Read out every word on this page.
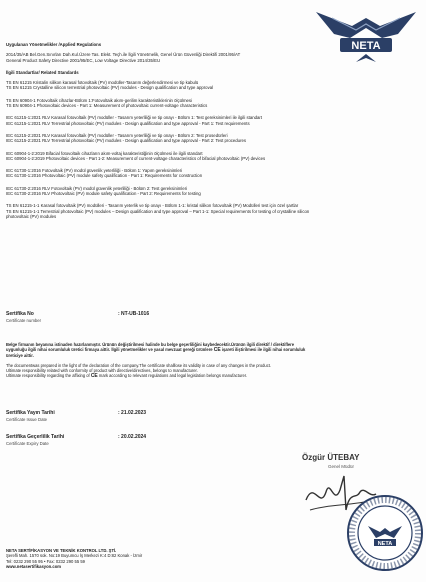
NETA

Uygulanan Yönetmelikler /Applied Regulations

2014/35/AB Bel.Gen.Sınırları Dah.Kul.Üzere Tas. Elekt. Teçh.ile İlgili Yönetmelik, Genel Ürün Güvenliği Direktifi 2001/95/AT

General Product Safety Directive 2001/95/EC, Low Voltage Directive 2014/35/EU

İlgili Standartlar/ Related Standards

TS EN 61215 Kristalin silikon karasal fotovoltaik (PV) modüller-Tasarım değerlendirmesi ve tip kabulü

TS EN 61215 Crystalline silicon terrestrial photovoltaic (PV) modules - Design qualification and type approval

TS EN 60904-1 Fotovoltaik cihazlar-Bölüm 1:Fotovoltaik akım-gerilim karakteristiklerinin ölçülmesi

TS EN 60904-1 Photovoltaic devices - Part 1: Measurement of photovoltaic current-voltage characteristics

IEC 61215-1:2021 RLV Karasal fotovoltaik (PV) modüller - Tasarım yeterliliği ve tip onayı - Bölüm 1: Test gereksinimleri ile ilgili standart

IEC 61215-1:2021 RLV Terrestrial photovoltaic (PV) modules - Design qualification and type approval - Part 1: Test requirements

IEC 61215-2:2021 RLV Karasal fotovoltaik (PV) modüller - Tasarım yeterliliği ve tip onayı - Bölüm 2: Test prosedürleri

IEC 61215-2:2021 RLV Terrestrial photovoltaic (PV) modules - Design qualification and type approval - Part 2: Test procedures

IEC 60904-1-2:2019 Bifacial fotovoltaik cihazların akım-voltaj karakteristiğinin ölçülmesi ile ilgili standart

IEC 60904-1-2:2019 Photovoltaic devices - Part 1-2: Measurement of current-voltage characteristics of bifacial photovoltaic (PV) devices

IEC 61730-1:2016 Fotovoltaik (PV) modül güvenlik yeterliliği - Bölüm 1: Yapım gereksinimleri

IEC 61730-1:2016 Photovoltaic (PV) module safety qualification - Part 1: Requirements for construction

IEC 61730-2:2016 RLV Fotovoltaik (PV) modül güvenlik yeterliliği - Bölüm 2: Test gereksinimleri

IEC 61730-2:2016 RLV Photovoltaic (PV) module safety qualification - Part 2: Requirements for testing

TS EN 61215-1-1 Karasal fotovoltaik (PV) modülleri - Tasarım yeterlik ve tip onayı - Bölüm 1-1: kristal silikon fotovoltaik (PV) Modülleri test için özel şartlar

TS EN 61215-1-1 Terrestrial photovoltaic (PV) modules – Design qualification and type approval – Part 1-1: Special requirements for testing of crystalline silicon photovoltaic (PV) modules

Sertifika No
Certificate number
: NT-UB-1016

Belge firmanın beyanına istinaden hazırlanmıştır. Ürünün değiştirilmesi halinde bu belge geçerliliğini kaybedecektir.Ürünün ilgili direktif / direktiflere

uygunluğu ilgili nihai sorumluluk üretici firmaya aittir. İlgili yönetmelikler ve yasal mevzuat gereği ürünlere CE işareti iliştirilmesi ile ilgili nihai sorumluluk

üreticiye aittir.

The documentwas prepared in the light of the declaration of the company.The certificate shalllose its validity in case of any changes in the product.

Ultimate responsibility related with conformity of product with directive/directives, belongs to manufacturer.

Ultimate responsibility regarding the affixing of CE mark according to relevant regulations and legal legislation belongs manufacturer.

Sertifika Yayın Tarihi
Certificate Issue Date
: 21.02.2023
Sertifika Geçerlilik Tarihi
Certificate Expiry Date
: 20.02.2024
Özgür ÜTEBAY
Genel Müdür
NETA

NETA SERTİFİKASYON VE TEKNİK KONTROL LTD. ŞTİ.

Şerefli Mah. 1570 sok. No:19 Buyumcu İş Merkezi K:4 D:82 Konak - İzmir

Tel: 0232 290 55 95 • Fax: 0232 290 55 59

www.netasertifikasyon.com
